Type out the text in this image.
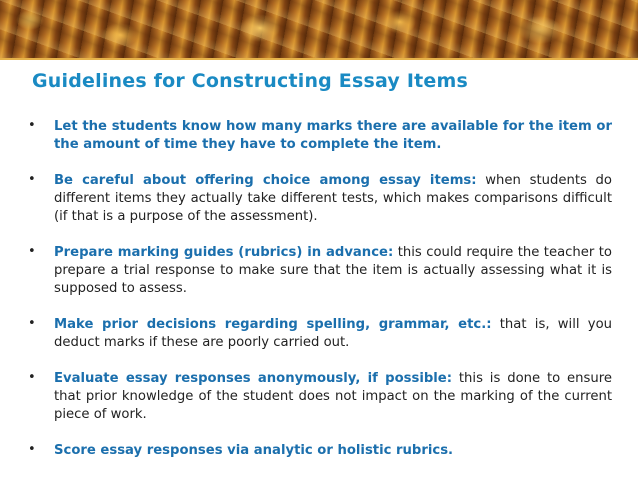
Guidelines for Constructing Essay Items
• Let the students know how many marks there are available for the item or the amount of time they have to complete the item.
• Be careful about offering choice among essay items: when students do different items they actually take different tests, which makes comparisons difficult (if that is a purpose of the assessment).
• Prepare marking guides (rubrics) in advance: this could require the teacher to prepare a trial response to make sure that the item is actually assessing what it is supposed to assess.
• Make prior decisions regarding spelling, grammar, etc.: that is, will you deduct marks if these are poorly carried out.
• Evaluate essay responses anonymously, if possible: this is done to ensure that prior knowledge of the student does not impact on the marking of the current piece of work.
• Score essay responses via analytic or holistic rubrics.
